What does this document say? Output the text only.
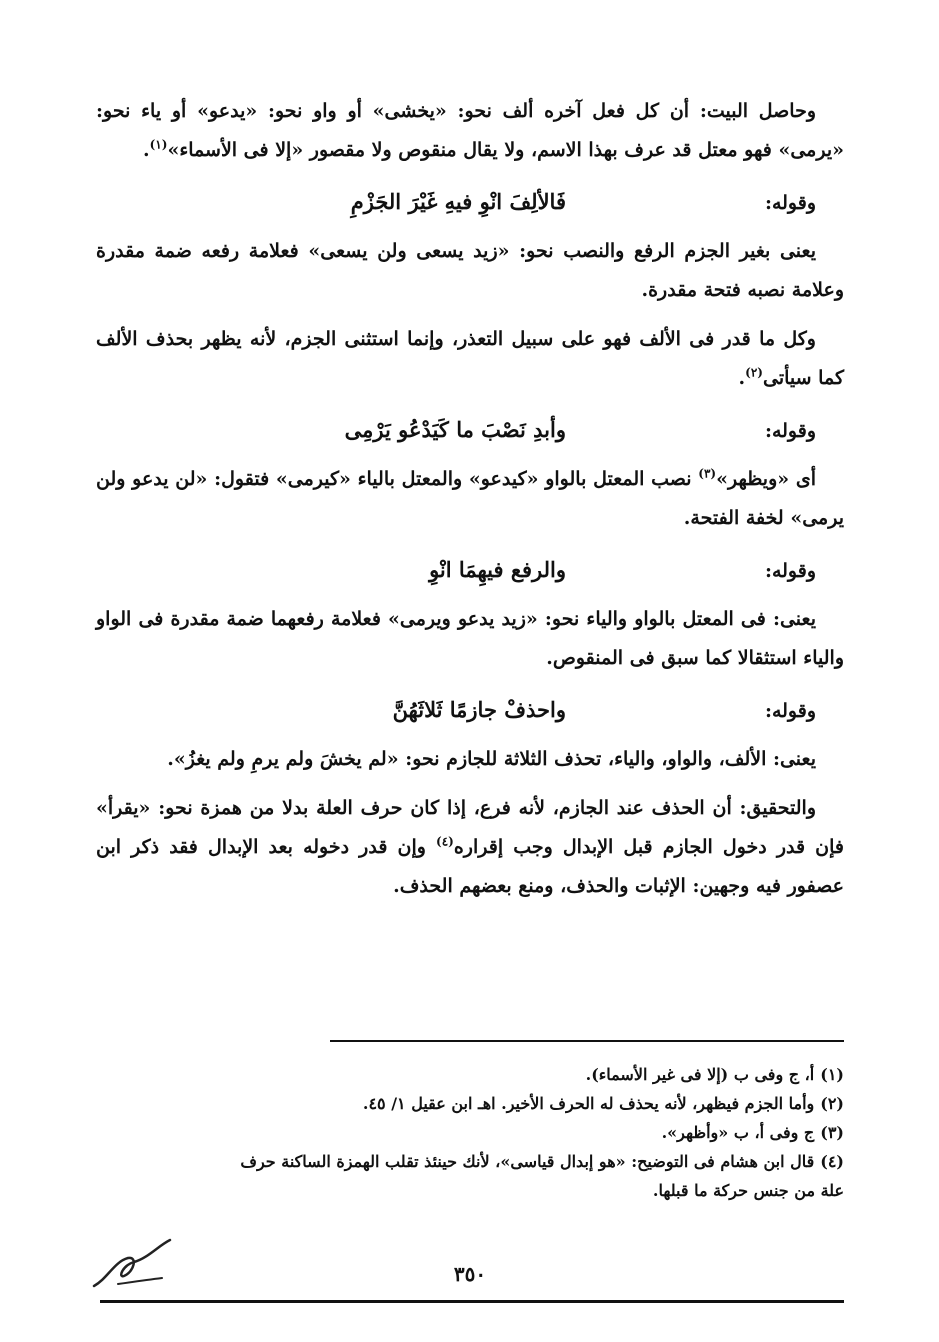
وحاصل البيت: أن كل فعل آخره ألف نحو: «يخشى» أو واو نحو: «يدعو» أو ياء نحو: «يرمى» فهو معتل قد عرف بهذا الاسم، ولا يقال منقوص ولا مقصور «إلا فى الأسماء»$^{(١)}$.

وقوله:
فَالألِفَ انْوِ فيهِ غَيْرَ الجَزْمِ

يعنى بغير الجزم الرفع والنصب نحو: «زيد يسعى ولن يسعى» فعلامة رفعه ضمة مقدرة وعلامة نصبه فتحة مقدرة.

وكل ما قدر فى الألف فهو على سبيل التعذر، وإنما استثنى الجزم، لأنه يظهر بحذف الألف كما سيأتى$^{(٢)}$.

وقوله:
وأبدِ نَصْبَ ما كَيَدْعُو يَرْمِى

أى «ويظهر»$^{(٣)}$ نصب المعتل بالواو «كيدعو» والمعتل بالياء «كيرمى» فتقول: «لن يدعو ولن يرمى» لخفة الفتحة.

وقوله:
والرفع فيهِمَا انْوِ

يعنى: فى المعتل بالواو والياء نحو: «زيد يدعو ويرمى» فعلامة رفعهما ضمة مقدرة فى الواو والياء استثقالا كما سبق فى المنقوص.

وقوله:
واحذفْ جازمًا ثَلاثَهُنَّ

يعنى: الألف، والواو، والياء، تحذف الثلاثة للجازم نحو: «لم يخشَ ولم يرمِ ولم يغزُ».

والتحقيق: أن الحذف عند الجازم، لأنه فرع، إذا كان حرف العلة بدلا من همزة نحو: «يقرأ» فإن قدر دخول الجازم قبل الإبدال وجب إقراره$^{(٤)}$ وإن قدر دخوله بعد الإبدال فقد ذكر ابن عصفور فيه وجهين: الإثبات والحذف، ومنع بعضهم الحذف.

(١)أ، ج وفى ب (إلا فى غير الأسماء).

(٢)وأما الجزم فيظهر، لأنه يحذف له الحرف الأخير. اهـ ابن عقيل ١/ ٤٥.

(٣)ج وفى أ، ب «وأظهر».

(٤)قال ابن هشام فى التوضيح: «هو إبدال قياسى»، لأنك حينئذ تقلب الهمزة الساكنة حرف

علة من جنس حركة ما قبلها.

٣٥٠
